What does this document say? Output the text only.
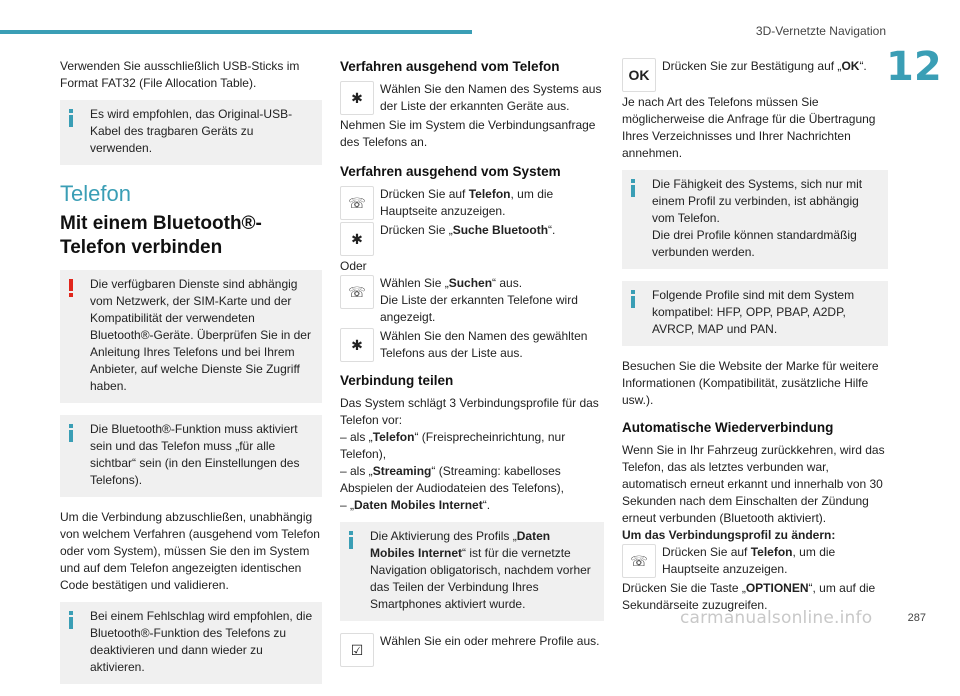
3D-Vernetzte Navigation
12

Verwenden Sie ausschließlich USB-Sticks im Format FAT32 (File Allocation Table).

Es wird empfohlen, das Original-USB-Kabel des tragbaren Geräts zu verwenden.
Telefon
Mit einem Bluetooth®-Telefon verbinden
Die verfügbaren Dienste sind abhängig vom Netzwerk, der SIM-Karte und der Kompatibilität der verwendeten Bluetooth®-Geräte. Überprüfen Sie in der Anleitung Ihres Telefons und bei Ihrem Anbieter, auf welche Dienste Sie Zugriff haben.
Die Bluetooth®-Funktion muss aktiviert sein und das Telefon muss „für alle sichtbar“ sein (in den Einstellungen des Telefons).

Um die Verbindung abzuschließen, unabhängig von welchem Verfahren (ausgehend vom Telefon oder vom System), müssen Sie den im System und auf dem Telefon angezeigten identischen Code bestätigen und validieren.

Bei einem Fehlschlag wird empfohlen, die Bluetooth®-Funktion des Telefons zu deaktivieren und dann wieder zu aktivieren.
Verfahren ausgehend vom Telefon
✱
Wählen Sie den Namen des Systems aus der Liste der erkannten Geräte aus.

Nehmen Sie im System die Verbindungsanfrage des Telefons an.

Verfahren ausgehend vom System
☏
Drücken Sie auf Telefon, um die Hauptseite anzuzeigen.
✱
Drücken Sie „Suche Bluetooth“.

Oder

☏
Wählen Sie „Suchen“ aus.
Die Liste der erkannten Telefone wird angezeigt.
✱
Wählen Sie den Namen des gewählten Telefons aus der Liste aus.
Verbindung teilen

Das System schlägt 3 Verbindungsprofile für das Telefon vor:

– als „Telefon“ (Freisprecheinrichtung, nur Telefon),
– als „Streaming“ (Streaming: kabelloses Abspielen der Audiodateien des Telefons),
– „Daten Mobiles Internet“.
Die Aktivierung des Profils „Daten Mobiles Internet“ ist für die vernetzte Navigation obligatorisch, nachdem vorher das Teilen der Verbindung Ihres Smartphones aktiviert wurde.
☑
Wählen Sie ein oder mehrere Profile aus.
OK
Drücken Sie zur Bestätigung auf „OK“.

Je nach Art des Telefons müssen Sie möglicherweise die Anfrage für die Übertragung Ihres Verzeichnisses und Ihrer Nachrichten annehmen.

Die Fähigkeit des Systems, sich nur mit einem Profil zu verbinden, ist abhängig vom Telefon.
Die drei Profile können standardmäßig verbunden werden.
Folgende Profile sind mit dem System kompatibel: HFP, OPP, PBAP, A2DP, AVRCP, MAP und PAN.

Besuchen Sie die Website der Marke für weitere Informationen (Kompatibilität, zusätzliche Hilfe usw.).

Automatische Wiederverbindung

Wenn Sie in Ihr Fahrzeug zurückkehren, wird das Telefon, das als letztes verbunden war, automatisch erneut erkannt und innerhalb von 30 Sekunden nach dem Einschalten der Zündung erneut verbunden (Bluetooth aktiviert).

Um das Verbindungsprofil zu ändern:
☏
Drücken Sie auf Telefon, um die Hauptseite anzuzeigen.

Drücken Sie die Taste „OPTIONEN“, um auf die Sekundärseite zuzugreifen.

carmanualsonline.info	287
